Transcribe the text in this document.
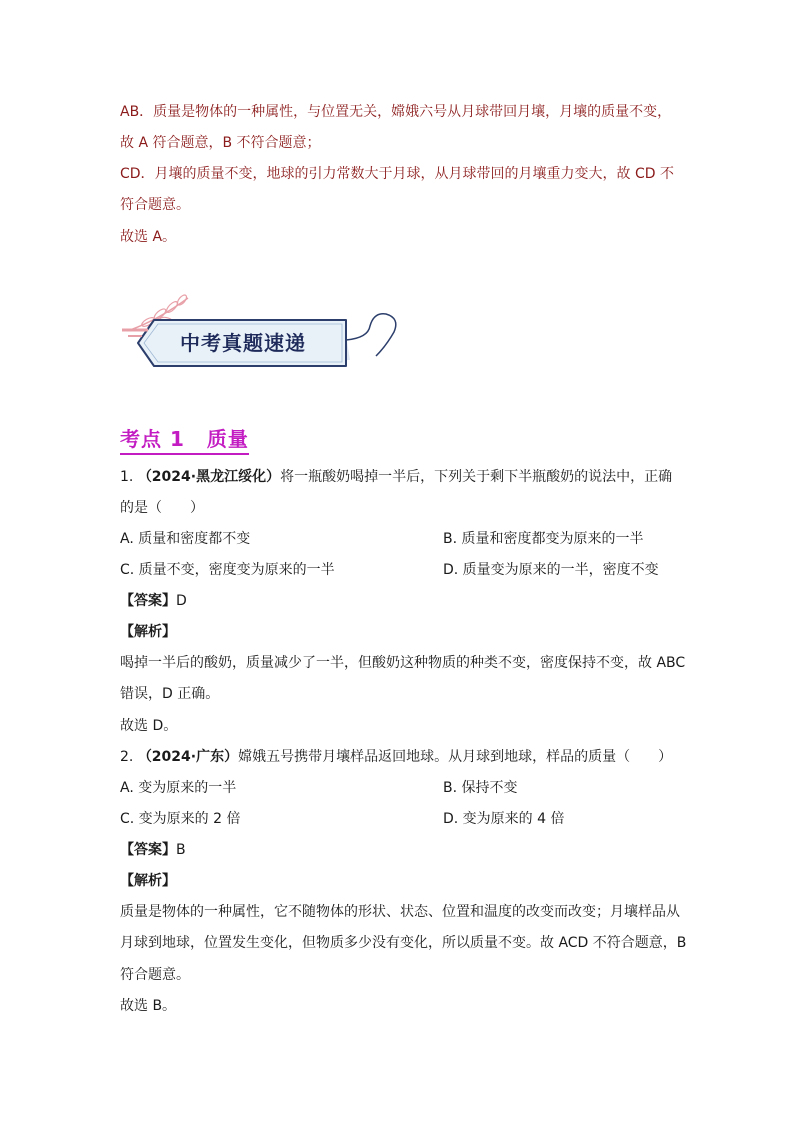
AB．质量是物体的一种属性，与位置无关，嫦娥六号从月球带回月壤，月壤的质量不变，
故 A 符合题意，B 不符合题意；
CD．月壤的质量不变，地球的引力常数大于月球，从月球带回的月壤重力变大，故 CD 不
符合题意。
故选 A。
中考真题速递
考点 1 质量
1. （2024·黑龙江绥化）将一瓶酸奶喝掉一半后，下列关于剩下半瓶酸奶的说法中，正确
的是（　　）
A. 质量和密度都不变	B. 质量和密度都变为原来的一半
C. 质量不变，密度变为原来的一半	D. 质量变为原来的一半，密度不变
【答案】D
【解析】
喝掉一半后的酸奶，质量减少了一半，但酸奶这种物质的种类不变，密度保持不变，故 ABC
错误，D 正确。
故选 D。
2. （2024·广东）嫦娥五号携带月壤样品返回地球。从月球到地球，样品的质量（　　）
A. 变为原来的一半	B. 保持不变
C. 变为原来的 2 倍	D. 变为原来的 4 倍
【答案】B
【解析】
质量是物体的一种属性，它不随物体的形状、状态、位置和温度的改变而改变；月壤样品从
月球到地球，位置发生变化，但物质多少没有变化，所以质量不变。故 ACD 不符合题意，B
符合题意。
故选 B。
